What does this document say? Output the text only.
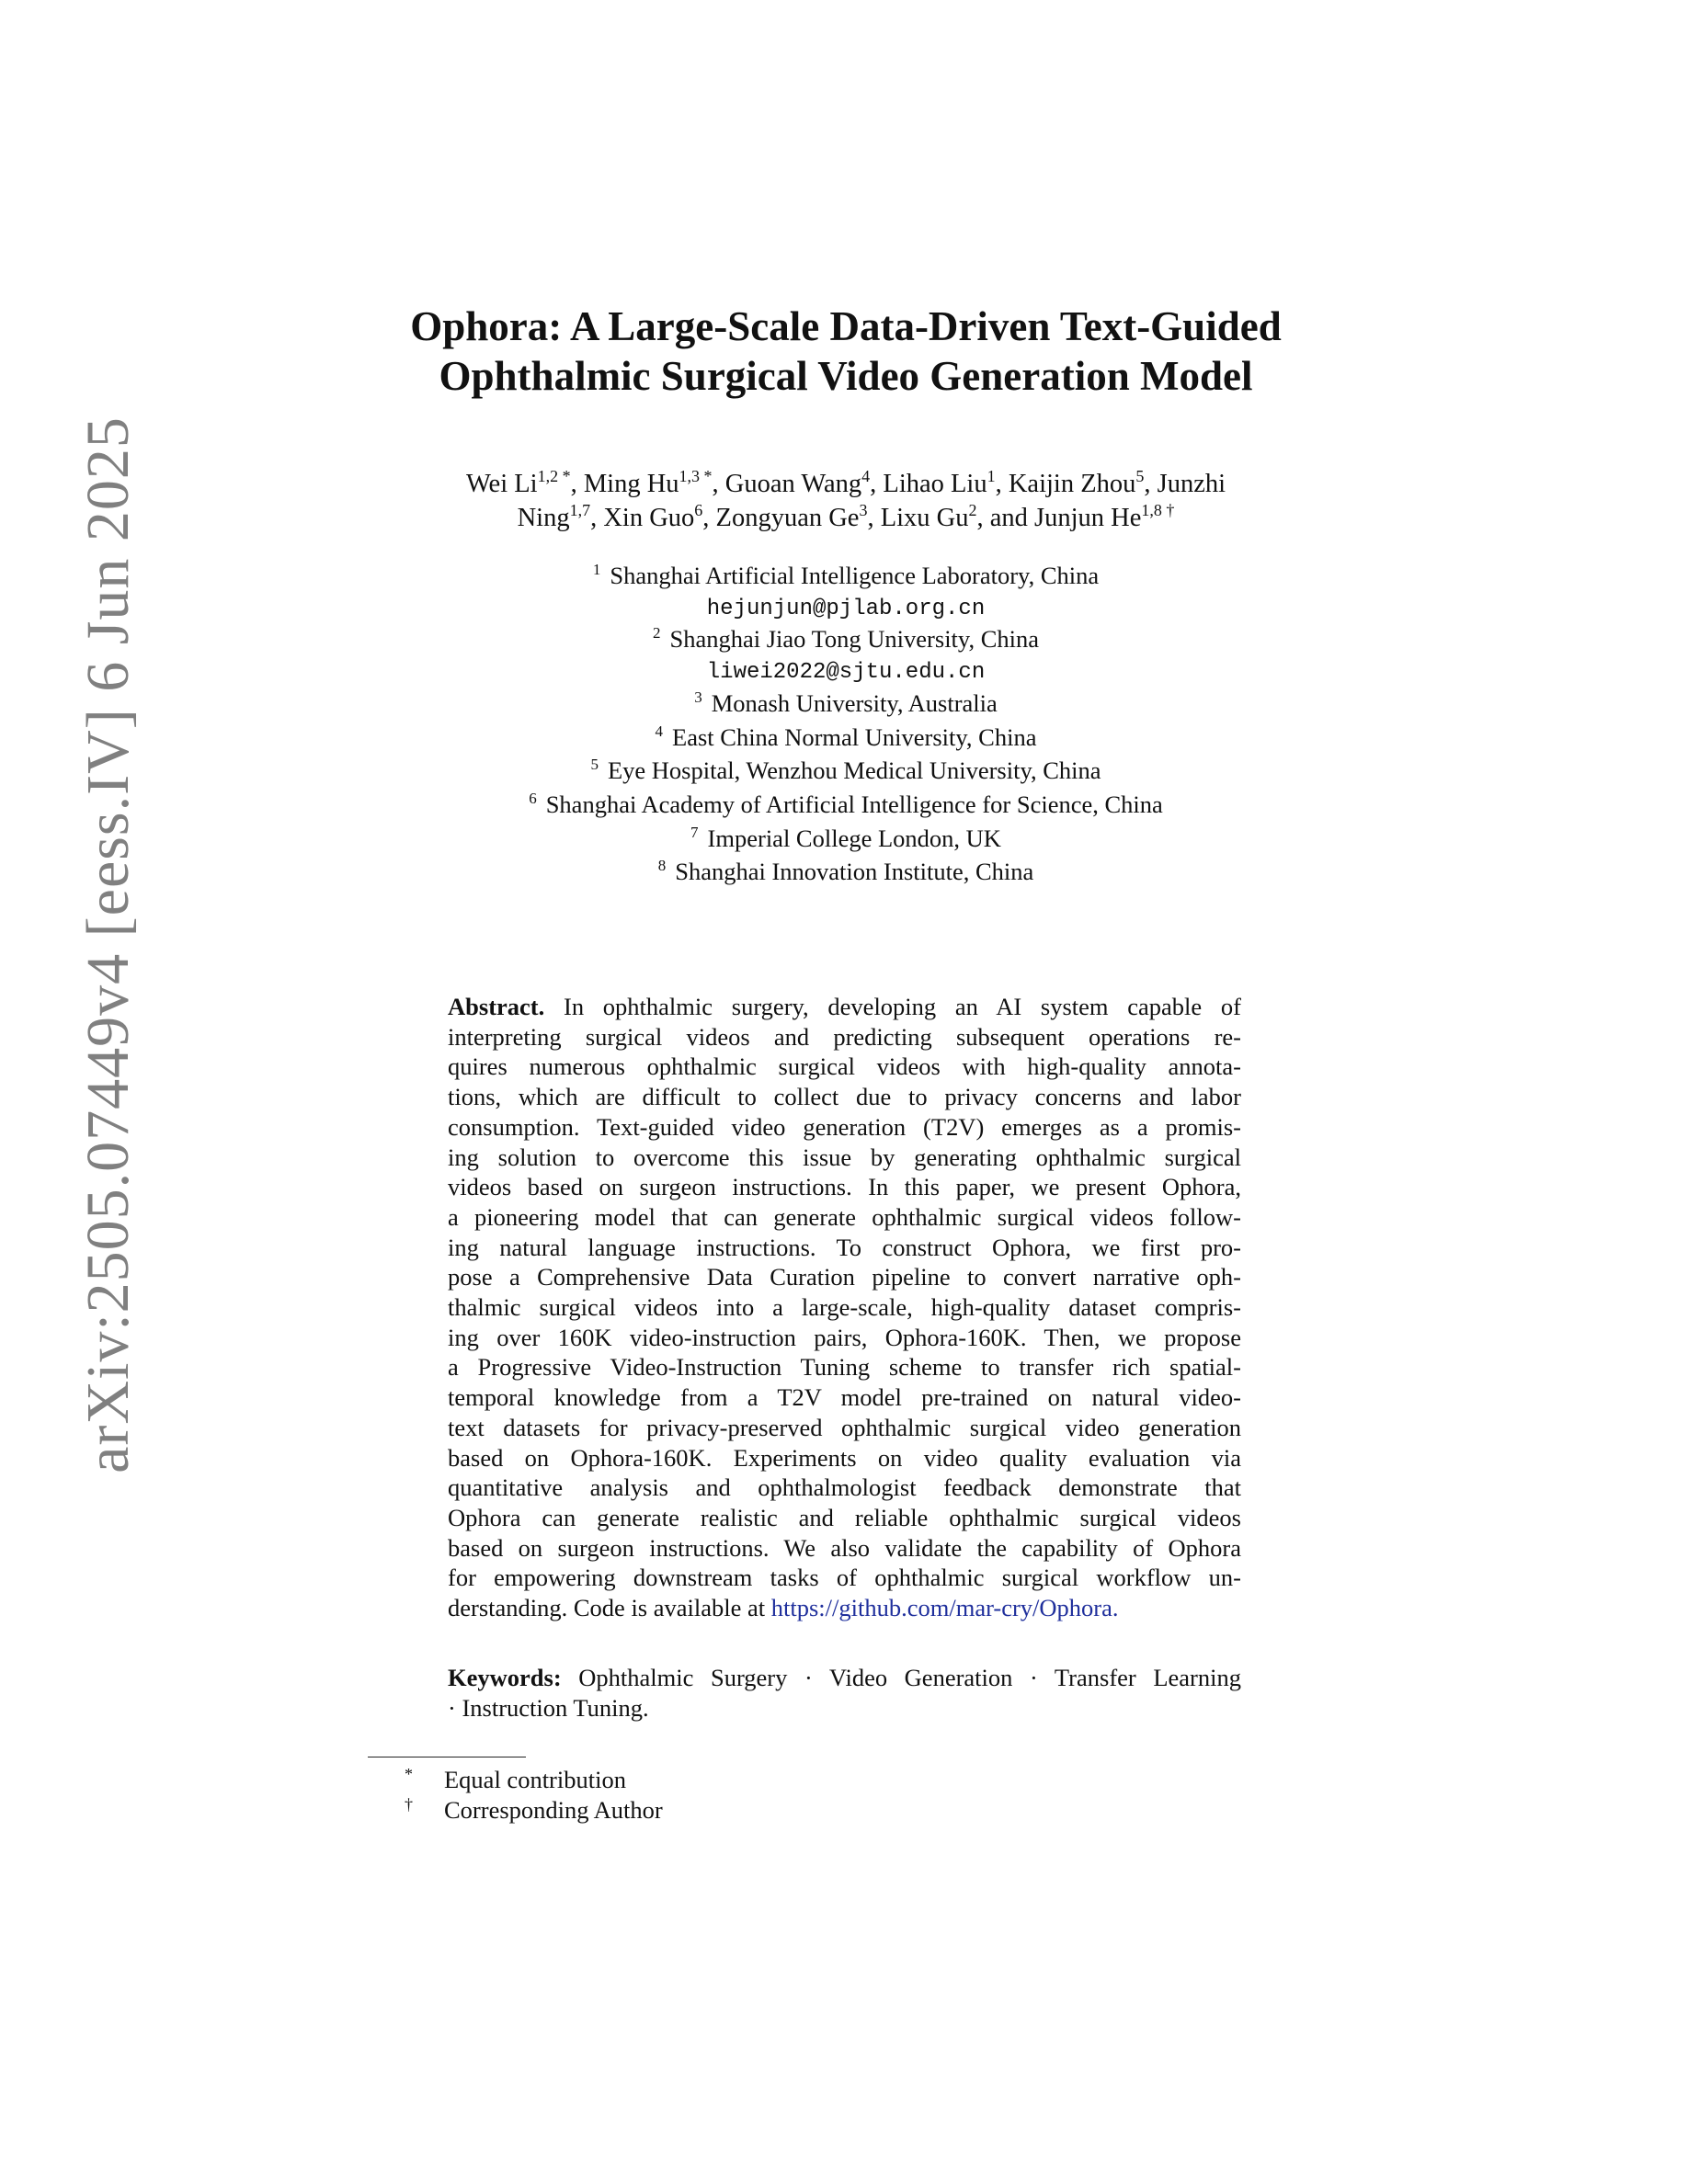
arXiv:2505.07449v4 [eess.IV] 6 Jun 2025
Ophora: A Large-Scale Data-Driven Text-Guided
Ophthalmic Surgical Video Generation Model
Wei Li$^{1,2}$ *, Ming Hu$^{1,3}$ *, Guoan Wang$^4$, Lihao Liu$^1$, Kaijin Zhou$^5$, Junzhi
Ning$^{1,7}$, Xin Guo$^6$, Zongyuan Ge$^3$, Lixu Gu$^2$, and Junjun He$^{1,8}$ †
$^1$ Shanghai Artificial Intelligence Laboratory, China
hejunjun@pjlab.org.cn
$^2$ Shanghai Jiao Tong University, China
liwei2022@sjtu.edu.cn
$^3$ Monash University, Australia
$^4$ East China Normal University, China
$^5$ Eye Hospital, Wenzhou Medical University, China
$^6$ Shanghai Academy of Artificial Intelligence for Science, China
$^7$ Imperial College London, UK
$^8$ Shanghai Innovation Institute, China
Abstract. In ophthalmic surgery, developing an AI system capable of
interpreting surgical videos and predicting subsequent operations re-
quires numerous ophthalmic surgical videos with high-quality annota-
tions, which are difficult to collect due to privacy concerns and labor
consumption. Text-guided video generation (T2V) emerges as a promis-
ing solution to overcome this issue by generating ophthalmic surgical
videos based on surgeon instructions. In this paper, we present Ophora,
a pioneering model that can generate ophthalmic surgical videos follow-
ing natural language instructions. To construct Ophora, we first pro-
pose a Comprehensive Data Curation pipeline to convert narrative oph-
thalmic surgical videos into a large-scale, high-quality dataset compris-
ing over 160K video-instruction pairs, Ophora-160K. Then, we propose
a Progressive Video-Instruction Tuning scheme to transfer rich spatial-
temporal knowledge from a T2V model pre-trained on natural video-
text datasets for privacy-preserved ophthalmic surgical video generation
based on Ophora-160K. Experiments on video quality evaluation via
quantitative analysis and ophthalmologist feedback demonstrate that
Ophora can generate realistic and reliable ophthalmic surgical videos
based on surgeon instructions. We also validate the capability of Ophora
for empowering downstream tasks of ophthalmic surgical workflow un-
derstanding. Code is available at https://github.com/mar-cry/Ophora.
Keywords: Ophthalmic Surgery · Video Generation · Transfer Learning
· Instruction Tuning.
* Equal contribution
† Corresponding Author
